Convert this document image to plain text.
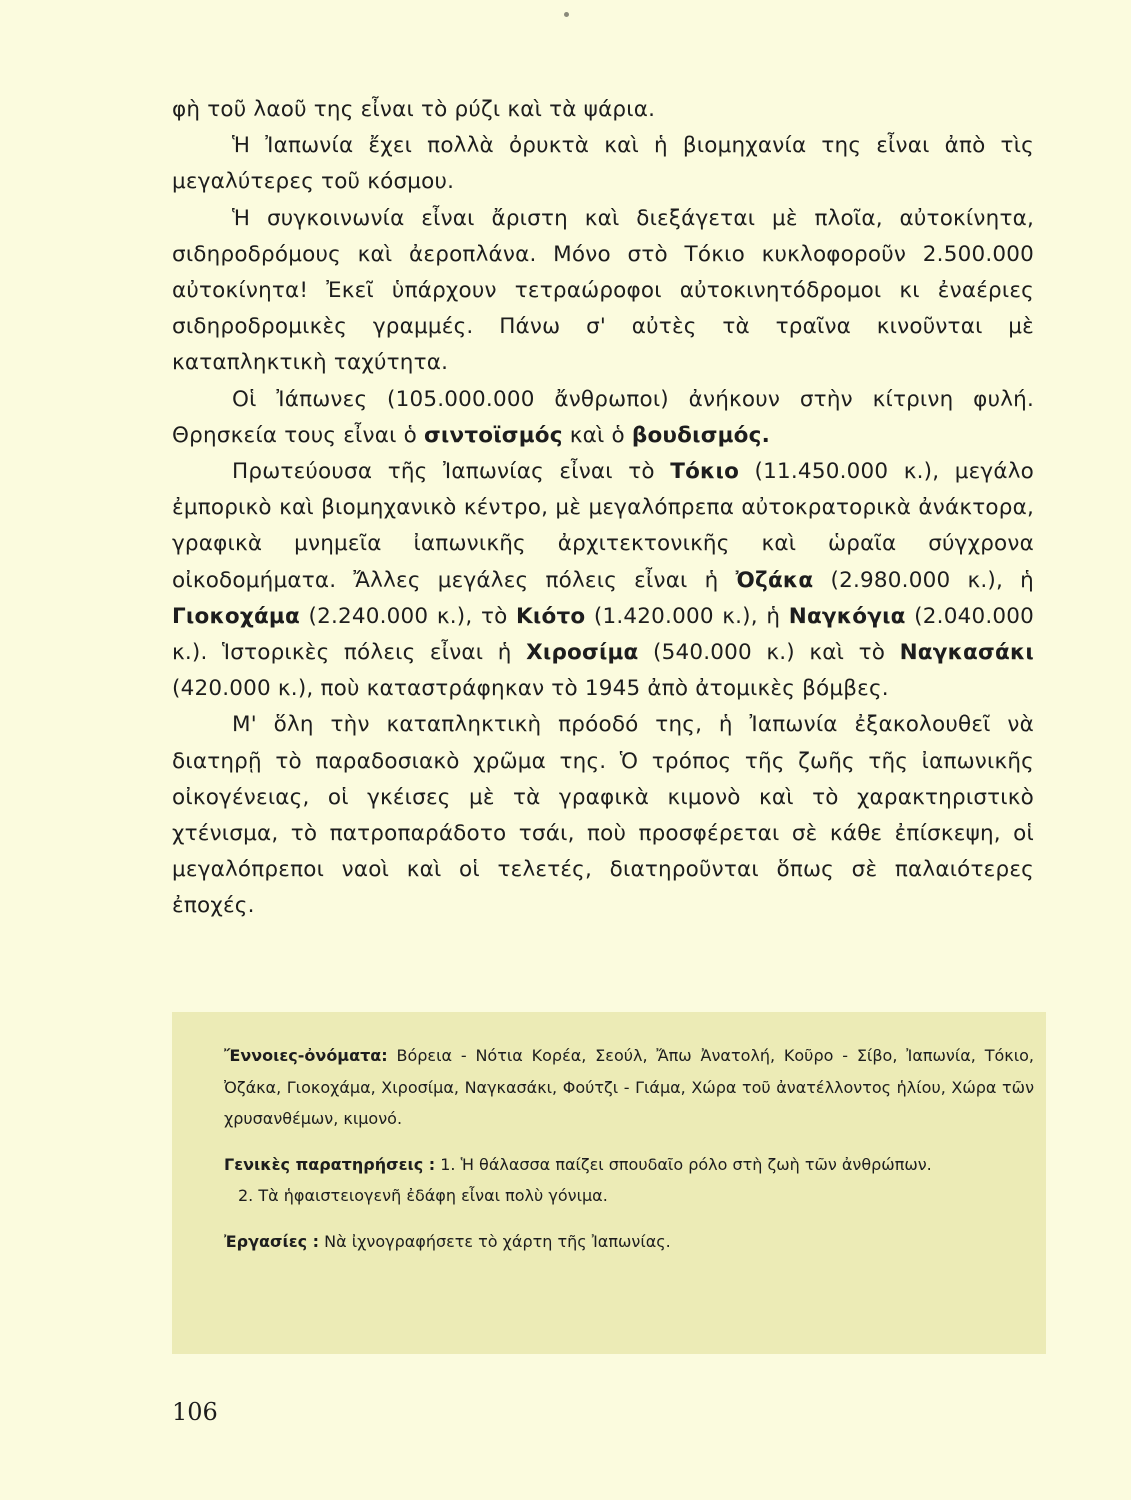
φὴ τοῦ λαοῦ της εἶναι τὸ ρύζι καὶ τὰ ψάρια.

Ἡ Ἰαπωνία ἔχει πολλὰ ὀρυκτὰ καὶ ἡ βιομηχανία της εἶναι ἀπὸ τὶς μεγαλύτερες τοῦ κόσμου.

Ἡ συγκοινωνία εἶναι ἄριστη καὶ διεξάγεται μὲ πλοῖα, αὐτοκίνητα, σιδηροδρόμους καὶ ἀεροπλάνα. Μόνο στὸ Τόκιο κυκλοφοροῦν 2.500.000 αὐτοκίνητα! Ἐκεῖ ὑπάρχουν τετραώροφοι αὐτοκινητόδρομοι κι ἐναέριες σιδηροδρομικὲς γραμμές. Πάνω σ' αὐτὲς τὰ τραῖνα κινοῦνται μὲ καταπληκτικὴ ταχύτητα.

Οἱ Ἰάπωνες (105.000.000 ἄνθρωποι) ἀνήκουν στὴν κίτρινη φυλή. Θρησκεία τους εἶναι ὁ σιντοϊσμός καὶ ὁ βουδισμός.

Πρωτεύουσα τῆς Ἰαπωνίας εἶναι τὸ Τόκιο (11.450.000 κ.), μεγάλο ἐμπορικὸ καὶ βιομηχανικὸ κέντρο, μὲ μεγαλόπρεπα αὐτοκρατορικὰ ἀνάκτορα, γραφικὰ μνημεῖα ἰαπωνικῆς ἀρχιτεκτονικῆς καὶ ὡραῖα σύγχρονα οἰκοδομήματα. Ἄλλες μεγάλες πόλεις εἶναι ἡ Ὀζάκα (2.980.000 κ.), ἡ Γιοκοχάμα (2.240.000 κ.), τὸ Κιότο (1.420.000 κ.), ἡ Ναγκόγια (2.040.000 κ.). Ἱστορικὲς πόλεις εἶναι ἡ Χιροσίμα (540.000 κ.) καὶ τὸ Ναγκασάκι (420.000 κ.), ποὺ καταστράφηκαν τὸ 1945 ἀπὸ ἀτομικὲς βόμβες.

Μ' ὅλη τὴν καταπληκτικὴ πρόοδό της, ἡ Ἰαπωνία ἐξακολουθεῖ νὰ διατηρῇ τὸ παραδοσιακὸ χρῶμα της. Ὁ τρόπος τῆς ζωῆς τῆς ἰαπωνικῆς οἰκογένειας, οἱ γκέισες μὲ τὰ γραφικὰ κιμονὸ καὶ τὸ χαρακτηριστικὸ χτένισμα, τὸ πατροπαράδοτο τσάι, ποὺ προσφέρεται σὲ κάθε ἐπίσκεψη, οἱ μεγαλόπρεποι ναοὶ καὶ οἱ τελετές, διατηροῦνται ὅπως σὲ παλαιότερες ἐποχές.

Ἔννοιες-ὀνόματα: Βόρεια - Νότια Κορέα, Σεούλ, Ἄπω Ἀνατολή, Κοῦρο - Σίβο, Ἰαπωνία, Τόκιο, Ὀζάκα, Γιοκοχάμα, Χιροσίμα, Ναγκασάκι, Φούτζι - Γιάμα, Χώρα τοῦ ἀνατέλλοντος ἡλίου, Χώρα τῶν χρυσανθέμων, κιμονό.

Γενικὲς παρατηρήσεις : 1. Ἡ θάλασσα παίζει σπουδαῖο ρόλο στὴ ζωὴ τῶν ἀνθρώπων.

2. Τὰ ἡφαιστειογενῆ ἐδάφη εἶναι πολὺ γόνιμα.

Ἐργασίες : Νὰ ἰχνογραφήσετε τὸ χάρτη τῆς Ἰαπωνίας.

106
